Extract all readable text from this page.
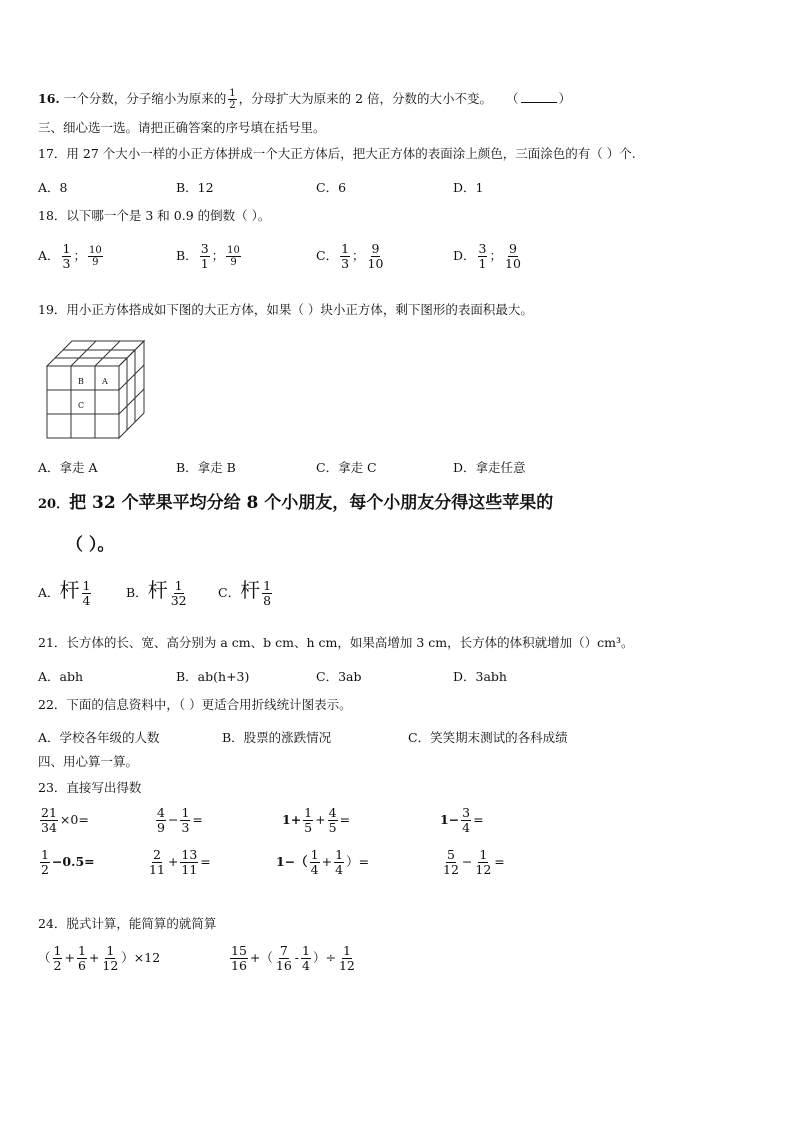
16. 一个分数，分子缩小为原来的 $\frac{1}{2}$ ，分母扩大为原来的 2 倍，分数的大小不变。 （	）
三、细心选一选。请把正确答案的序号填在括号里。
17．用 27 个大小一样的小正方体拼成一个大正方体后，把大正方体的表面涂上颜色，三面涂色的有（ ）个.
A．8	B．12	C．6	D．1
18．以下哪一个是 3 和 0.9 的倒数（ ）。
A． $\frac{1}{3}$ ； $\frac{10}{9}$	B． $\frac{3}{1}$ ； $\frac{10}{9}$	C． $\frac{1}{3}$ ； $\frac{9}{10}$	D． $\frac{3}{1}$ ； $\frac{9}{10}$
19．用小正方体搭成如下图的大正方体，如果（ ）块小正方体，剩下图形的表面积最大。
B A
C
A．拿走 A	B．拿走 B	C．拿走 C	D．拿走任意
20．把 32 个苹果平均分给 8 个小朋友，每个小朋友分得这些苹果的
（ ）。
A．杆 $\frac{1}{4}$	B．杆 $\frac{1}{32}$ C．杆 $\frac{1}{8}$
21．长方体的长、宽、高分别为 a cm、b cm、h cm，如果高增加 3 cm，长方体的体积就增加（）cm³。
A．abh	B．ab(h+3)	C．3ab	D．3abh
22．下面的信息资料中，（ ）更适合用折线统计图表示。
A．学校各年级的人数	B．股票的涨跌情况	C．笑笑期末测试的各科成绩
四、用心算一算。
23．直接写出得数
$\frac{21}{34} \times 0=$	$\frac{4}{9} - \frac{1}{3}$ =	$1+ \frac{1}{5} + \frac{4}{5}$ =	$1- \frac{3}{4}$ =
$\frac{1}{2} -0.5=$	$\frac{2}{11} + \frac{13}{11}$ =	$1-( \frac{1}{4} + \frac{1}{4}$ ）=	$\frac{5}{12} - \frac{1}{12}$ =
24．脱式计算，能简算的就简算
（ $\frac{1}{2} + \frac{1}{6} + \frac{1}{12} )\times 12$	$\frac{15}{16}$ +（ $\frac{7}{16} - \frac{1}{4}$ ）÷ $\frac{1}{12}$
